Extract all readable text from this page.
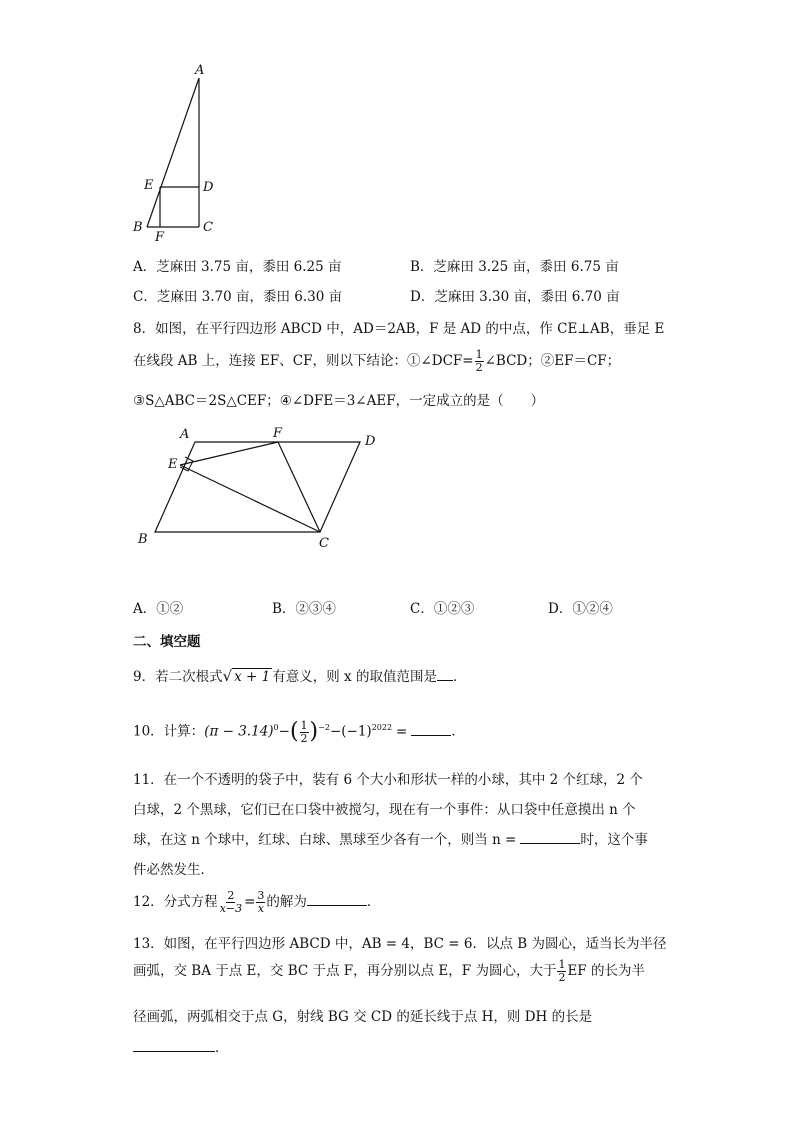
A
E	D
B	C
F
A．芝麻田 3.75 亩，黍田 6.25 亩	B．芝麻田 3.25 亩，黍田 6.75 亩
C．芝麻田 3.70 亩，黍田 6.30 亩	D．芝麻田 3.30 亩，黍田 6.70 亩
8．如图，在平行四边形 ABCD 中，AD＝2AB，F 是 AD 的中点，作 CE⊥AB，垂足 E
在线段 AB 上，连接 EF、CF，则以下结论：①∠DCF= $\frac{1}{2}$ ∠BCD；②EF＝CF；
③S△ABC＝2S△CEF；④∠DFE＝3∠AEF，一定成立的是（　　）
A	F
D
E
B	C
A．①②	B．②③④	C．①②③	D．①②④
二、填空题
9．若二次根式√ x + 1 有意义，则 x 的取值范围是 ．
10．计算：$(\pi - 3.14)^0-( \frac{1}{2} )^{-2}-(-1)^{2022}$ =	．
11．在一个不透明的袋子中，装有 6 个大小和形状一样的小球，其中 2 个红球，2 个
白球，2 个黑球，它们已在口袋中被搅匀，现在有一个事件：从口袋中任意摸出 n 个
球，在这 n 个球中，红球、白球、黑球至少各有一个，则当 n =	时，这个事
件必然发生．
12．分式方程 $\frac{2}{x-3} = \frac{3}{x}$ 的解为	．
13．如图，在平行四边形 ABCD 中，AB = 4，BC = 6．以点 B 为圆心，适当长为半径
画弧，交 BA 于点 E，交 BC 于点 F，再分别以点 E，F 为圆心，大于 $\frac{1}{2}$ EF 的长为半
径画弧，两弧相交于点 G，射线 BG 交 CD 的延长线于点 H，则 DH 的长是
．
